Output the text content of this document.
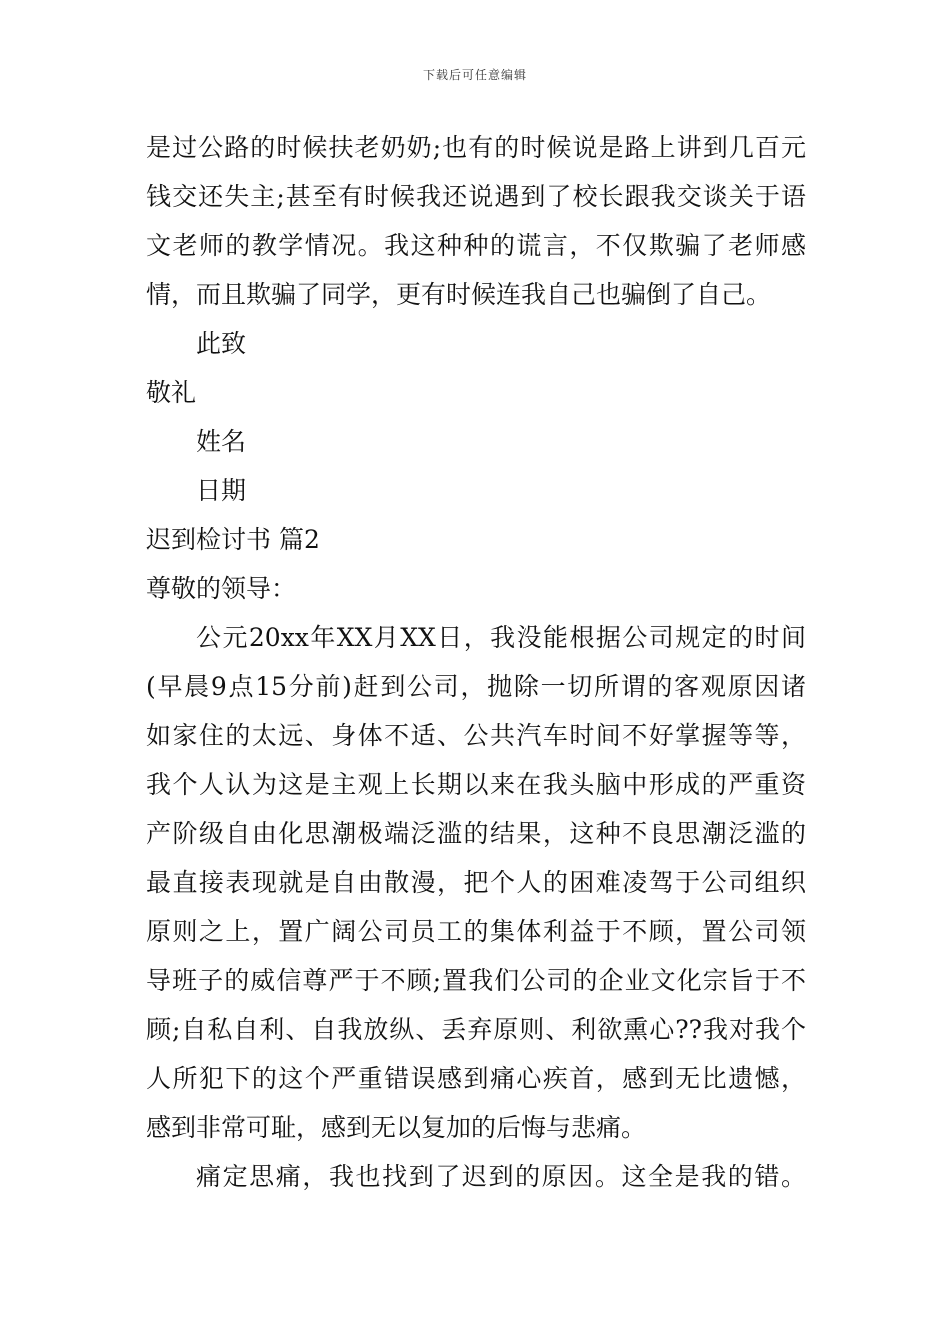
下载后可任意编辑
是过公路的时候扶老奶奶;也有的时候说是路上讲到几百元
钱交还失主;甚至有时候我还说遇到了校长跟我交谈关于语
文老师的教学情况。我这种种的谎言，不仅欺骗了老师感
情，而且欺骗了同学，更有时候连我自己也骗倒了自己。
此致
敬礼
姓名
日期
迟到检讨书 篇2
尊敬的领导：
公元20xx年XX月XX日，我没能根据公司规定的时间
(早晨9点15分前)赶到公司，抛除一切所谓的客观原因诸
如家住的太远、身体不适、公共汽车时间不好掌握等等，
我个人认为这是主观上长期以来在我头脑中形成的严重资
产阶级自由化思潮极端泛滥的结果，这种不良思潮泛滥的
最直接表现就是自由散漫，把个人的困难凌驾于公司组织
原则之上，置广阔公司员工的集体利益于不顾，置公司领
导班子的威信尊严于不顾;置我们公司的企业文化宗旨于不
顾;自私自利、自我放纵、丢弃原则、利欲熏心??我对我个
人所犯下的这个严重错误感到痛心疾首，感到无比遗憾，
感到非常可耻，感到无以复加的后悔与悲痛。
痛定思痛，我也找到了迟到的原因。这全是我的错。
